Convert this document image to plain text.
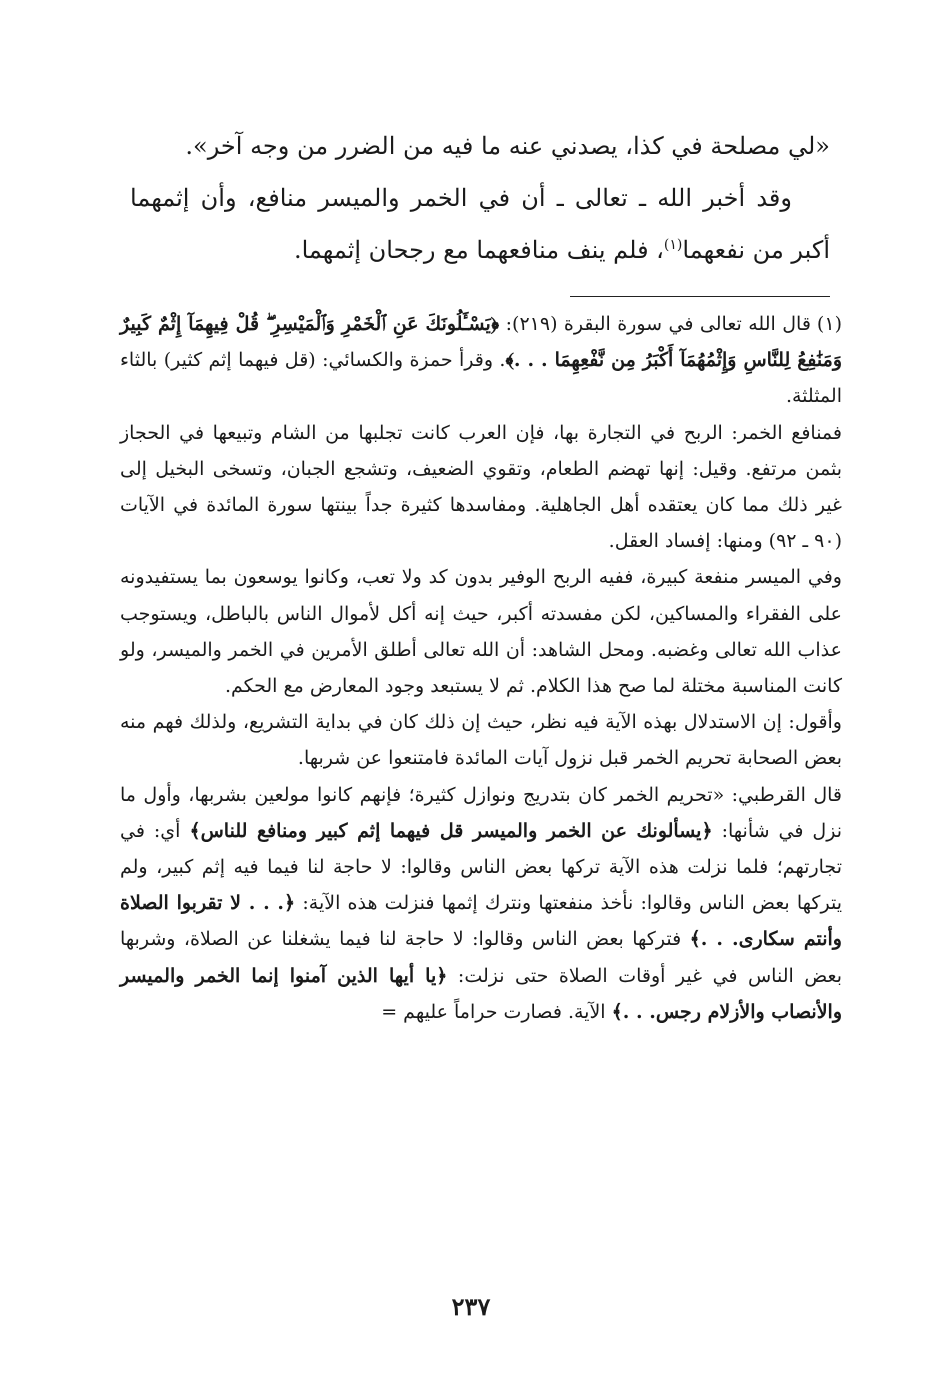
«لي مصلحة في كذا، يصدني عنه ما فيه من الضرر من وجه آخر».

وقد أخبر الله ـ تعالى ـ أن في الخمر والميسر منافع، وأن إثمهما أكبر من نفعهما$^{(١)}$، فلم ينف منافعهما مع رجحان إثمهما.

(١)قال الله تعالى في سورة البقرة (٢١٩): ﴿يَسْـَٔلُونَكَ عَنِ ٱلْخَمْرِ وَٱلْمَيْسِرِ ۖ قُلْ فِيهِمَآ إِثْمٌ كَبِيرٌ وَمَنَٰفِعُ لِلنَّاسِ وَإِثْمُهُمَآ أَكْبَرُ مِن نَّفْعِهِمَا . . .﴾. وقرأ حمزة والكسائي: (قل فيهما إثم كثير) بالثاء المثلثة.

فمنافع الخمر: الربح في التجارة بها، فإن العرب كانت تجلبها من الشام وتبيعها في الحجاز بثمن مرتفع. وقيل: إنها تهضم الطعام، وتقوي الضعيف، وتشجع الجبان، وتسخى البخيل إلى غير ذلك مما كان يعتقده أهل الجاهلية. ومفاسدها كثيرة جداً بينتها سورة المائدة في الآيات (٩٠ ـ ٩٢) ومنها: إفساد العقل.

وفي الميسر منفعة كبيرة، ففيه الربح الوفير بدون كد ولا تعب، وكانوا يوسعون بما يستفيدونه على الفقراء والمساكين، لكن مفسدته أكبر، حيث إنه أكل لأموال الناس بالباطل، ويستوجب عذاب الله تعالى وغضبه. ومحل الشاهد: أن الله تعالى أطلق الأمرين في الخمر والميسر، ولو كانت المناسبة مختلة لما صح هذا الكلام. ثم لا يستبعد وجود المعارض مع الحكم.

وأقول: إن الاستدلال بهذه الآية فيه نظر، حيث إن ذلك كان في بداية التشريع، ولذلك فهم منه بعض الصحابة تحريم الخمر قبل نزول آيات المائدة فامتنعوا عن شربها.

قال القرطبي: «تحريم الخمر كان بتدريج ونوازل كثيرة؛ فإنهم كانوا مولعين بشربها، وأول ما نزل في شأنها: ﴿يسألونك عن الخمر والميسر قل فيهما إثم كبير ومنافع للناس﴾ أي: في تجارتهم؛ فلما نزلت هذه الآية تركها بعض الناس وقالوا: لا حاجة لنا فيما فيه إثم كبير، ولم يتركها بعض الناس وقالوا: نأخذ منفعتها ونترك إثمها فنزلت هذه الآية: ﴿. . . لا تقربوا الصلاة وأنتم سكارى. . .﴾ فتركها بعض الناس وقالوا: لا حاجة لنا فيما يشغلنا عن الصلاة، وشربها بعض الناس في غير أوقات الصلاة حتى نزلت: ﴿يا أيها الذين آمنوا إنما الخمر والميسر والأنصاب والأزلام رجس. . .﴾ الآية. فصارت حراماً عليهم =

٢٣٧
